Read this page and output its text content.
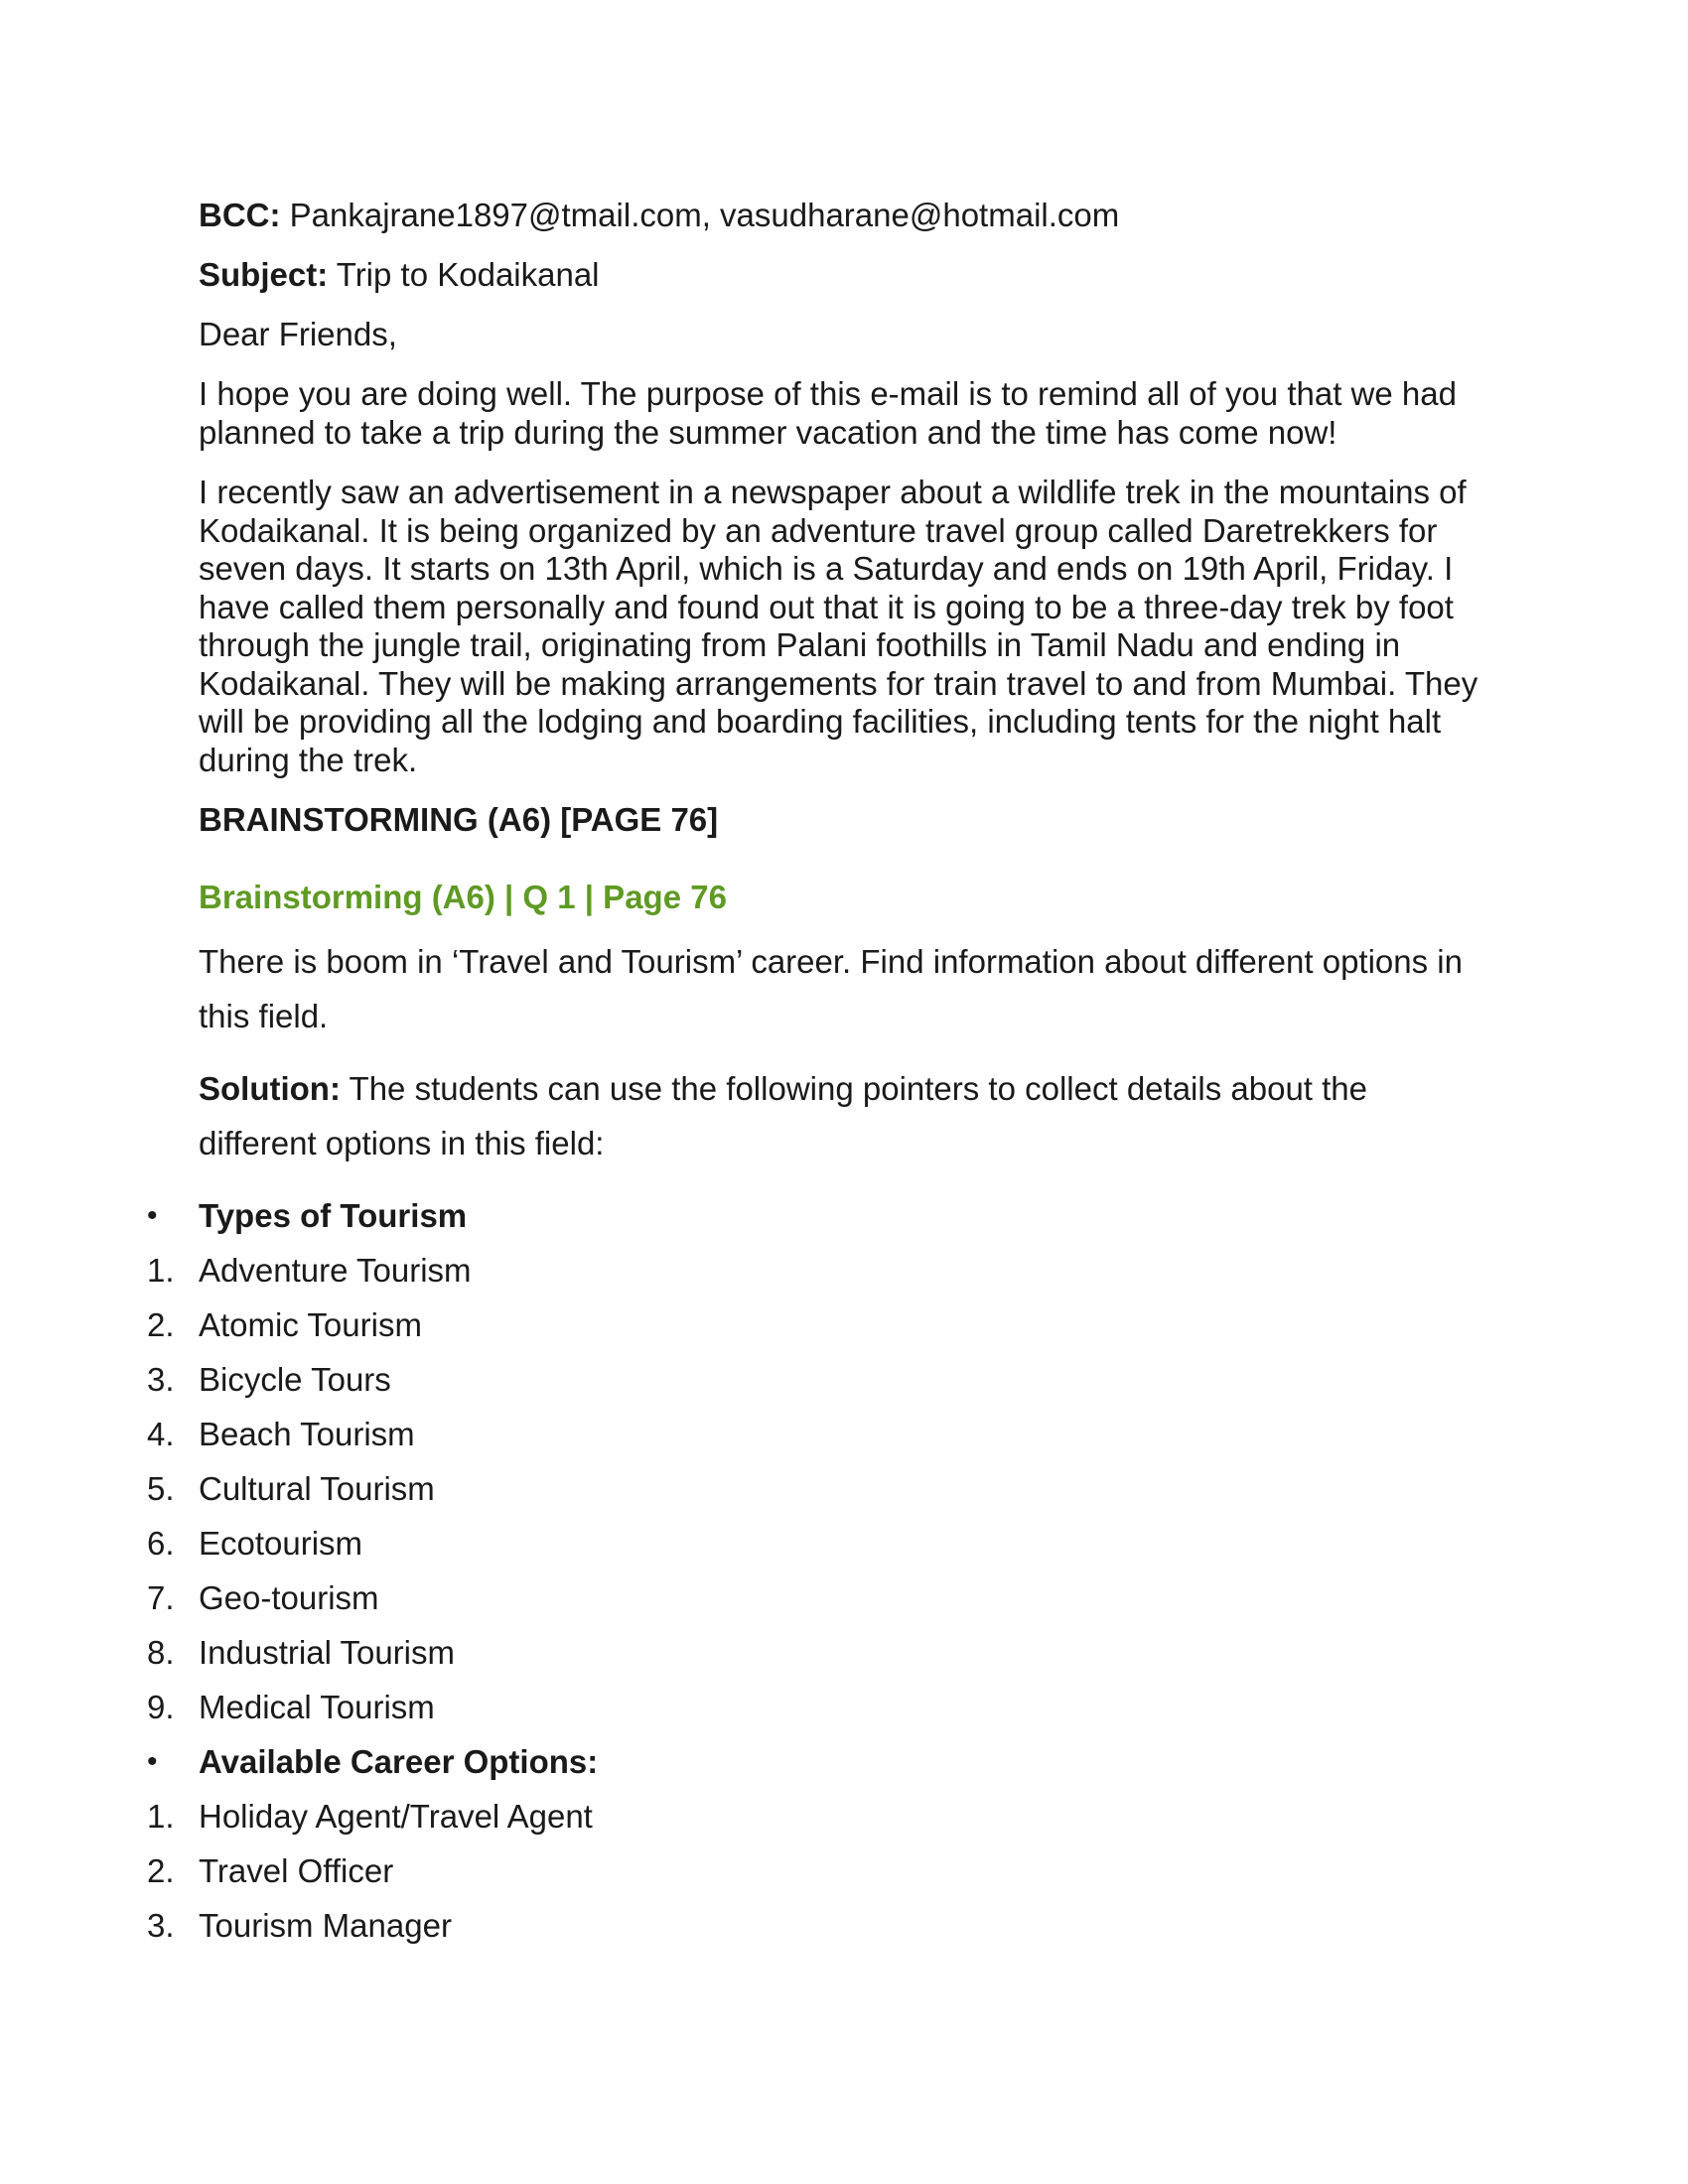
BCC: Pankajrane1897@tmail.com, vasudharane@hotmail.com

Subject: Trip to Kodaikanal

Dear Friends,

I hope you are doing well. The purpose of this e-mail is to remind all of you that we had planned to take a trip during the summer vacation and the time has come now!

I recently saw an advertisement in a newspaper about a wildlife trek in the mountains of Kodaikanal. It is being organized by an adventure travel group called Daretrekkers for seven days. It starts on 13th April, which is a Saturday and ends on 19th April, Friday. I have called them personally and found out that it is going to be a three-day trek by foot through the jungle trail, originating from Palani foothills in Tamil Nadu and ending in Kodaikanal. They will be making arrangements for train travel to and from Mumbai. They will be providing all the lodging and boarding facilities, including tents for the night halt during the trek.

BRAINSTORMING (A6) [PAGE 76]

Brainstorming (A6) | Q 1 | Page 76

There is boom in ‘Travel and Tourism’ career. Find information about different options in this field.

Solution: The students can use the following pointers to collect details about the different options in this field:

• Types of Tourism
1. Adventure Tourism
2. Atomic Tourism
3. Bicycle Tours
4. Beach Tourism
5. Cultural Tourism
6. Ecotourism
7. Geo-tourism
8. Industrial Tourism
9. Medical Tourism
• Available Career Options:
1. Holiday Agent/Travel Agent
2. Travel Officer
3. Tourism Manager
